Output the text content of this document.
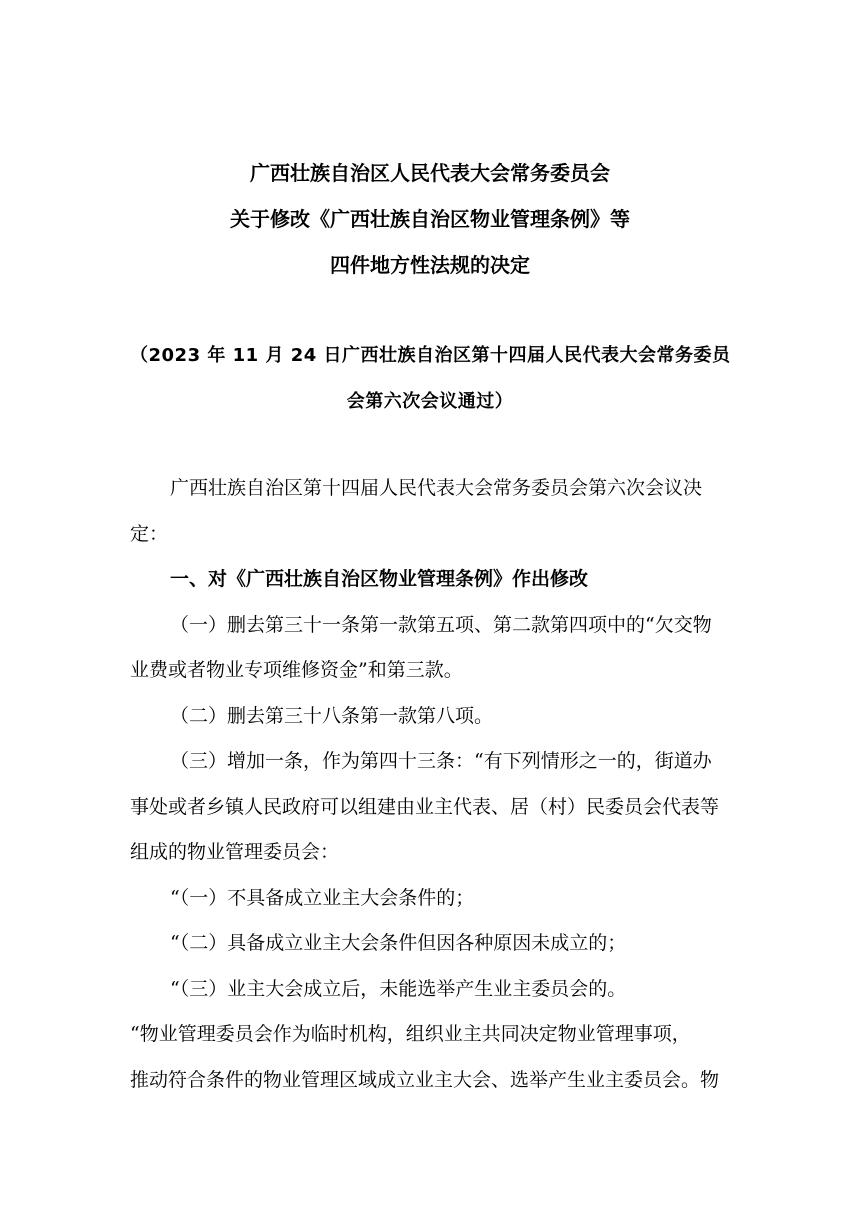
广西壮族自治区人民代表大会常务委员会
关于修改《广西壮族自治区物业管理条例》等
四件地方性法规的决定
（2023 年 11 月 24 日广西壮族自治区第十四届人民代表大会常务委员
会第六次会议通过）

广西壮族自治区第十四届人民代表大会常务委员会第六次会议决

定：

一、对《广西壮族自治区物业管理条例》作出修改

（一）删去第三十一条第一款第五项、第二款第四项中的“欠交物

业费或者物业专项维修资金”和第三款。

（二）删去第三十八条第一款第八项。

（三）增加一条，作为第四十三条：“有下列情形之一的，街道办

事处或者乡镇人民政府可以组建由业主代表、居（村）民委员会代表等

组成的物业管理委员会：

“（一）不具备成立业主大会条件的；

“（二）具备成立业主大会条件但因各种原因未成立的；

“（三）业主大会成立后，未能选举产生业主委员会的。

“物业管理委员会作为临时机构，组织业主共同决定物业管理事项，

推动符合条件的物业管理区域成立业主大会、选举产生业主委员会。物
